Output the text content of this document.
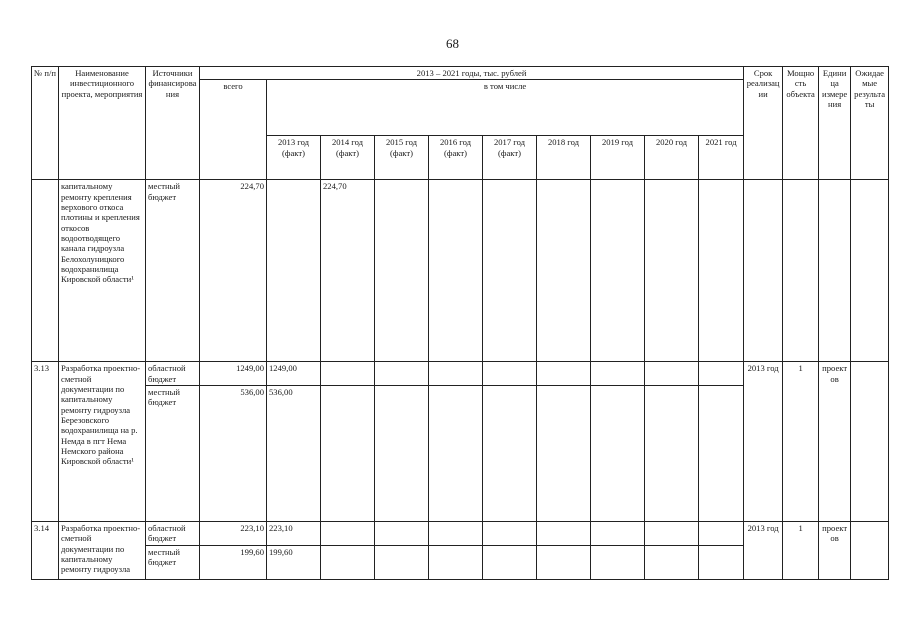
68
№ п/п	Наименование инвестиционного проекта, мероприятия	Источники финансирования	2013 – 2021 годы, тыс. рублей										Срок реализации	Мощность объекта	Единица измерения	Ожидаемые результаты
			всего	в том числе												
				2013 год (факт)	2014 год (факт)	2015 год (факт)	2016 год (факт)	2017 год (факт)	2018 год	2019 год	2020 год	2021 год				
	капитальному ремонту крепления верхового откоса плотины и крепления откосов водоотводящего канала гидроузла Белохолуницкого водохранилища Кировской области¹	местный бюджет	224,70		224,70											
3.13	Разработка проектно-сметной документации по капитальному ремонту гидроузла Березовского водохранилища на р. Немда в пгт Нема Немского района Кировской области¹	областной бюджет	1249,00	1249,00									2013 год	1	проектов	
		местный бюджет	536,00	536,00												
3.14	Разработка проектно-сметной документации по капитальному ремонту гидроузла	областной бюджет	223,10	223,10									2013 год	1	проектов	
		местный бюджет	199,60	199,60												
